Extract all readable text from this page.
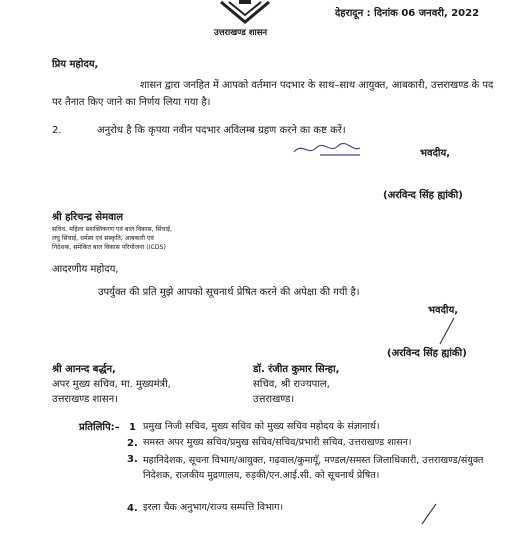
उत्तराखण्ड शासन
देहरादून : दिनांक 06 जनवरी, 2022
प्रिय महोदय,
शासन द्वारा जनहित में आपको वर्तमान पदभार के साथ–साथ आयुक्त, आबकारी, उत्तराखण्ड के पद पर तैनात किए जाने का निर्णय लिया गया है।
2.	अनुरोध है कि कृपया नवीन पदभार अविलम्ब ग्रहण करने का कष्ट करें।
भवदीय,
(अरविन्द सिंह ह्यांकी)
श्री हरिचन्द्र सेमवाल
सचिव, महिला सशक्तिकरण एवं बाल विकास, सिंचाई,
लघु सिंचाई, धर्मस्व एवं संस्कृति, आबकारी एवं
निदेशक, समेकित बाल विकास परियोजना (ICDS)
आदरणीय महोदय,
उपर्युक्त की प्रति मुझे आपको सूचनार्थ प्रेषित करने की अपेक्षा की गयी है।
भवदीय,
(अरविन्द सिंह ह्यांकी)
श्री आनन्द बर्द्धन,
अपर मुख्य सचिव, मा. मुख्यमंत्री,
उत्तराखण्ड शासन।
डॉ. रंजीत कुमार सिन्हा,
सचिव, श्री राज्यपाल,
उत्तराखण्ड।
प्रतिलिपि:– 1 प्रमुख निजी सचिव, मुख्य सचिव को मुख्य सचिव महोदय के संज्ञानार्थ।
2. समस्त अपर मुख्य सचिव/प्रमुख सचिव/सचिव/प्रभारी सचिव, उत्तराखण्ड शासन।
3. महानिदेशक, सूचना विभाग/आयुक्त, गढ़वाल/कुमायूँ, मण्डल/समस्त जिलाधिकारी, उत्तराखण्ड/संयुक्त निदेशक, राजकीय मुद्रणालय, रुड़की/एन.आई.सी. को सूचनार्थ प्रेषित।
4. इरला चैक अनुभाग/राज्य सम्पत्ति विभाग।
